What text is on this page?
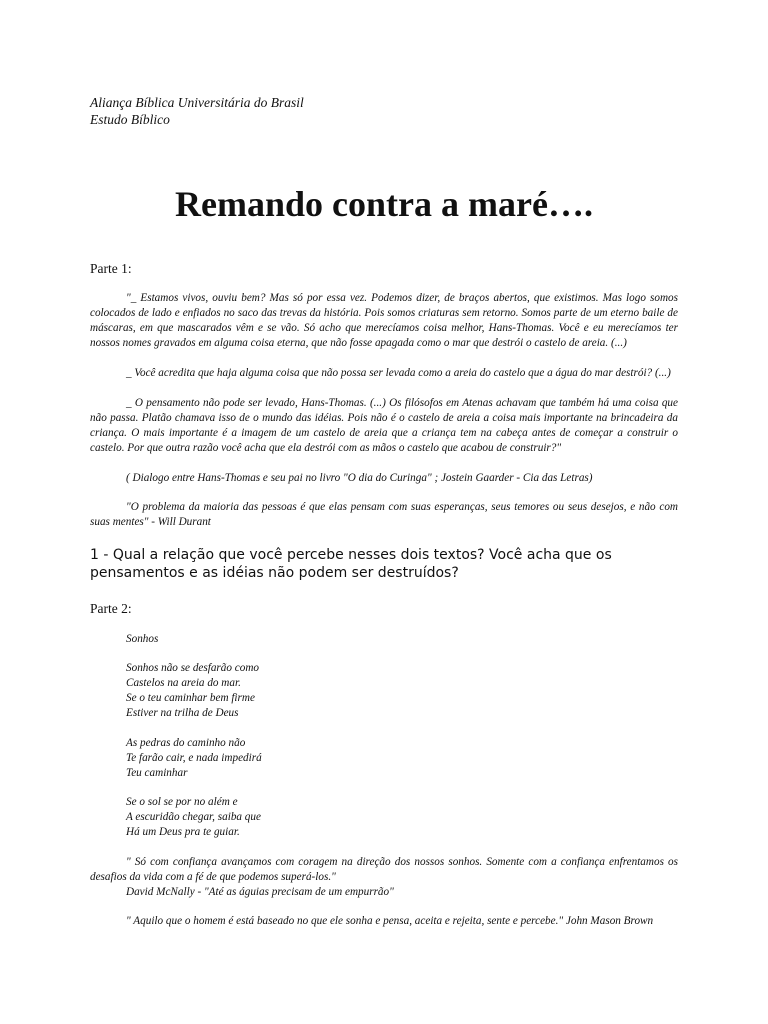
Aliança Bíblica Universitária do Brasil
Estudo Bíblico
Remando contra a maré….
Parte 1:
"_ Estamos vivos, ouviu bem? Mas só por essa vez. Podemos dizer, de braços abertos, que existimos. Mas logo somos colocados de lado e enfiados no saco das trevas da história. Pois somos criaturas sem retorno. Somos parte de um eterno baile de máscaras, em que mascarados vêm e se vão. Só acho que merecíamos coisa melhor, Hans-Thomas. Você e eu merecíamos ter nossos nomes gravados em alguma coisa eterna, que não fosse apagada como o mar que destrói o castelo de areia. (...)
_ Você acredita que haja alguma coisa que não possa ser levada como a areia do castelo que a água do mar destrói? (...)
_ O pensamento não pode ser levado, Hans-Thomas. (...) Os filósofos em Atenas achavam que também há uma coisa que não passa. Platão chamava isso de o mundo das idéias. Pois não é o castelo de areia a coisa mais importante na brincadeira da criança. O mais importante é a imagem de um castelo de areia que a criança tem na cabeça antes de começar a construir o castelo. Por que outra razão você acha que ela destrói com as mãos o castelo que acabou de construir?"
( Dialogo entre Hans-Thomas e seu pai no livro "O dia do Curinga" ; Jostein Gaarder - Cia das Letras)
"O problema da maioria das pessoas é que elas pensam com suas esperanças, seus temores ou seus desejos, e não com suas mentes" - Will Durant
1 - Qual a relação que você percebe nesses dois textos? Você acha que os pensamentos e as idéias não podem ser destruídos?
Parte 2:
Sonhos
Sonhos não se desfarão como
Castelos na areia do mar.
Se o teu caminhar bem firme
Estiver na trilha de Deus
As pedras do caminho não
Te farão cair, e nada impedirá
Teu caminhar
Se o sol se por no além e
A escuridão chegar, saiba que
Há um Deus pra te guiar.
" Só com confiança avançamos com coragem na direção dos nossos sonhos. Somente com a confiança enfrentamos os desafios da vida com a fé de que podemos superá-los."
David McNally - "Até as águias precisam de um empurrão"
" Aquilo que o homem é está baseado no que ele sonha e pensa, aceita e rejeita, sente e percebe." John Mason Brown
